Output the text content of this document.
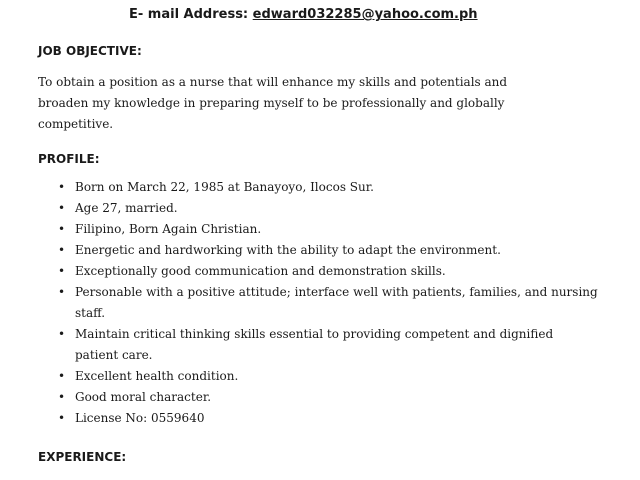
E- mail Address: edward032285@yahoo.com.ph
JOB OBJECTIVE:
To obtain a position as a nurse that will enhance my skills and potentials and broaden my knowledge in preparing myself to be professionally and globally competitive.
PROFILE:
• Born on March 22, 1985 at Banayoyo, Ilocos Sur.
• Age 27, married.
• Filipino, Born Again Christian.
• Energetic and hardworking with the ability to adapt the environment.
• Exceptionally good communication and demonstration skills.
• Personable with a positive attitude; interface well with patients, families, and nursing staff.
• Maintain critical thinking skills essential to providing competent and dignified patient care.
• Excellent health condition.
• Good moral character.
• License No: 0559640
EXPERIENCE:
